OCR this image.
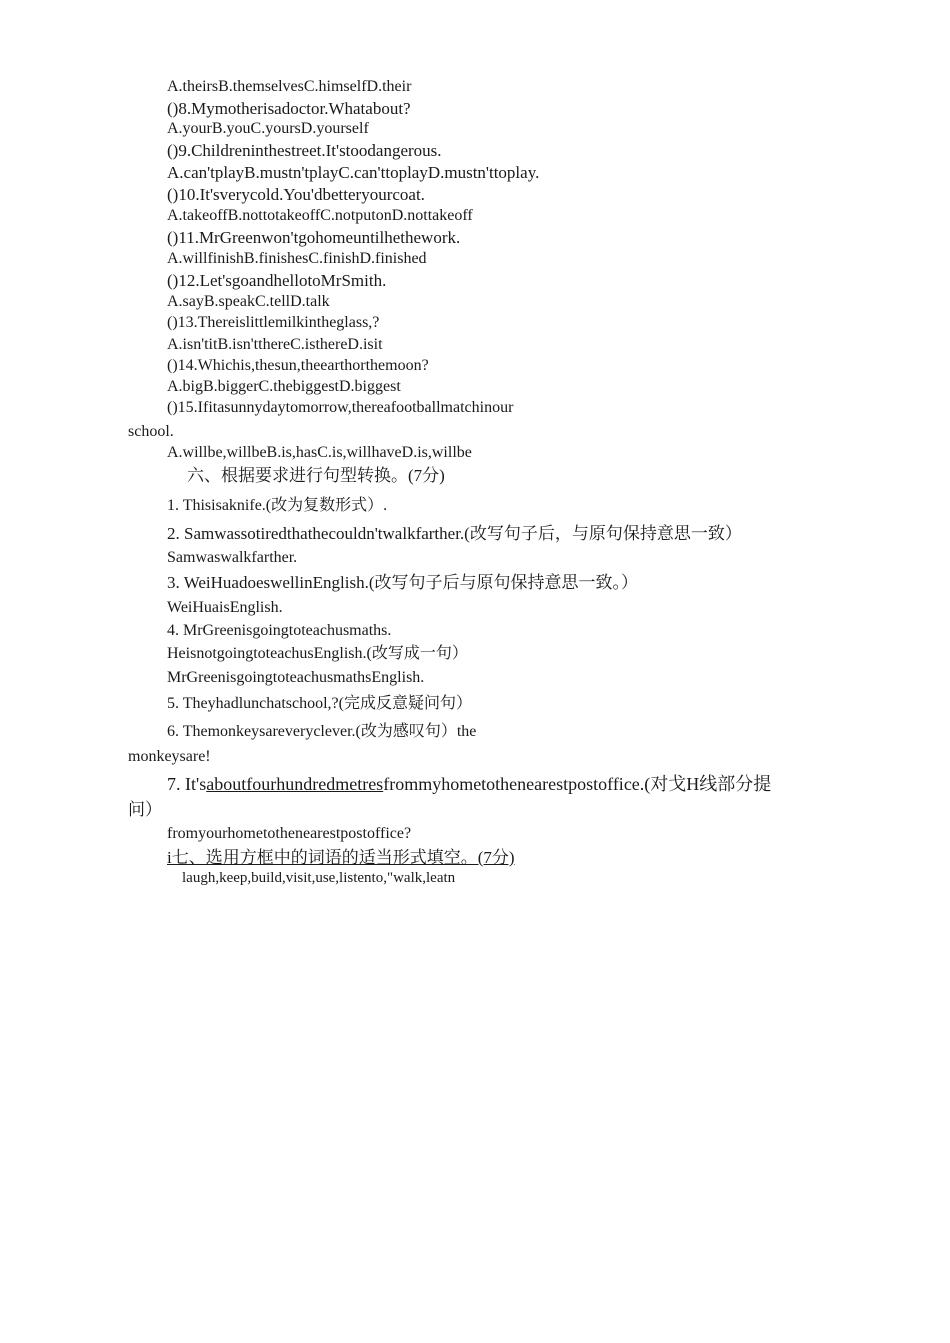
A.theirsB.themselvesC.himselfD.their
()8.Mymotherisadoctor.Whatabout?
A.yourB.youC.yoursD.yourself
()9.Childreninthestreet.It'stoodangerous.
A.can'tplayB.mustn'tplayC.can'ttoplayD.mustn'ttoplay.
()10.It'sverycold.You'dbetteryourcoat.
A.takeoffB.nottotakeoffC.notputonD.nottakeoff
()11.MrGreenwon'tgohomeuntilhethework.
A.willfinishB.finishesC.finishD.finished
()12.Let'sgoandhellotoMrSmith.
A.sayB.speakC.tellD.talk
()13.Thereislittlemilkintheglass,?
A.isn'titB.isn'tthereC.isthereD.isit
()14.Whichis,thesun,theearthorthemoon?
A.bigB.biggerC.thebiggestD.biggest
()15.Ifitasunnydaytomorrow,thereafootballmatchinour
school.
A.willbe,willbeB.is,hasC.is,willhaveD.is,willbe
六、根据要求进行句型转换。(7分)
1. Thisisaknife.(改为复数形式）.
2. Samwassotiredthathecouldn'twalkfarther.(改写句子后，与原句保持意思一致）
Samwaswalkfarther.
3. WeiHuadoeswellinEnglish.(改写句子后与原句保持意思一致。）
WeiHuaisEnglish.
4. MrGreenisgoingtoteachusmaths.
HeisnotgoingtoteachusEnglish.(改写成一句）
MrGreenisgoingtoteachusmathsEnglish.
5. Theyhadlunchatschool,?(完成反意疑问句）
6. Themonkeysareveryclever.(改为感叹句）the
monkeysare!
7. It'saboutfourhundredmetresfrommyhometothenearestpostoffice.(对戈H线部分提
问）
fromyourhometothenearestpostoffice?
i七、选用方框中的词语的适当形式填空。(7分)
laugh,keep,build,visit,use,listento,"walk,leatn
